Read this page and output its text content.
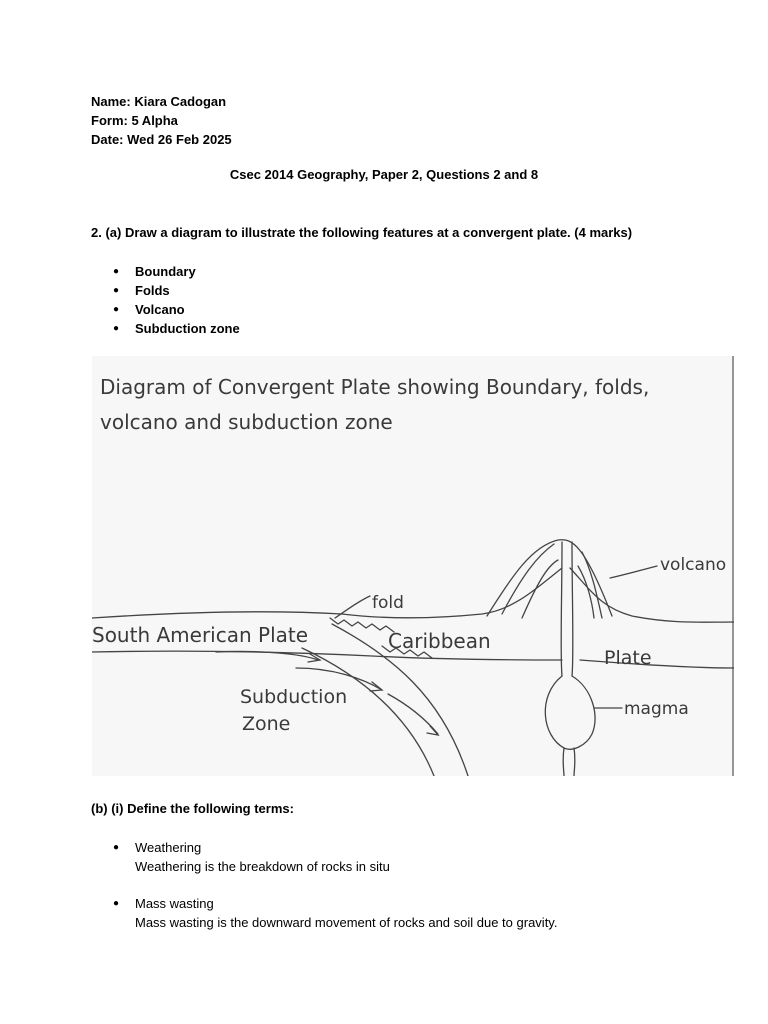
Name: Kiara Cadogan
Form: 5 Alpha
Date: Wed 26 Feb 2025
Csec 2014 Geography, Paper 2, Questions 2 and 8
2. (a) Draw a diagram to illustrate the following features at a convergent plate. (4 marks)
● Boundary
● Folds
● Volcano
● Subduction zone
Diagram of Convergent Plate showing Boundary, folds,
volcano and subduction zone
fold
volcano
South American Plate	Caribbean
Plate
Subduction
Zone
magma
(b) (i) Define the following terms:
● Weathering
Weathering is the breakdown of rocks in situ
● Mass wasting
Mass wasting is the downward movement of rocks and soil due to gravity.
